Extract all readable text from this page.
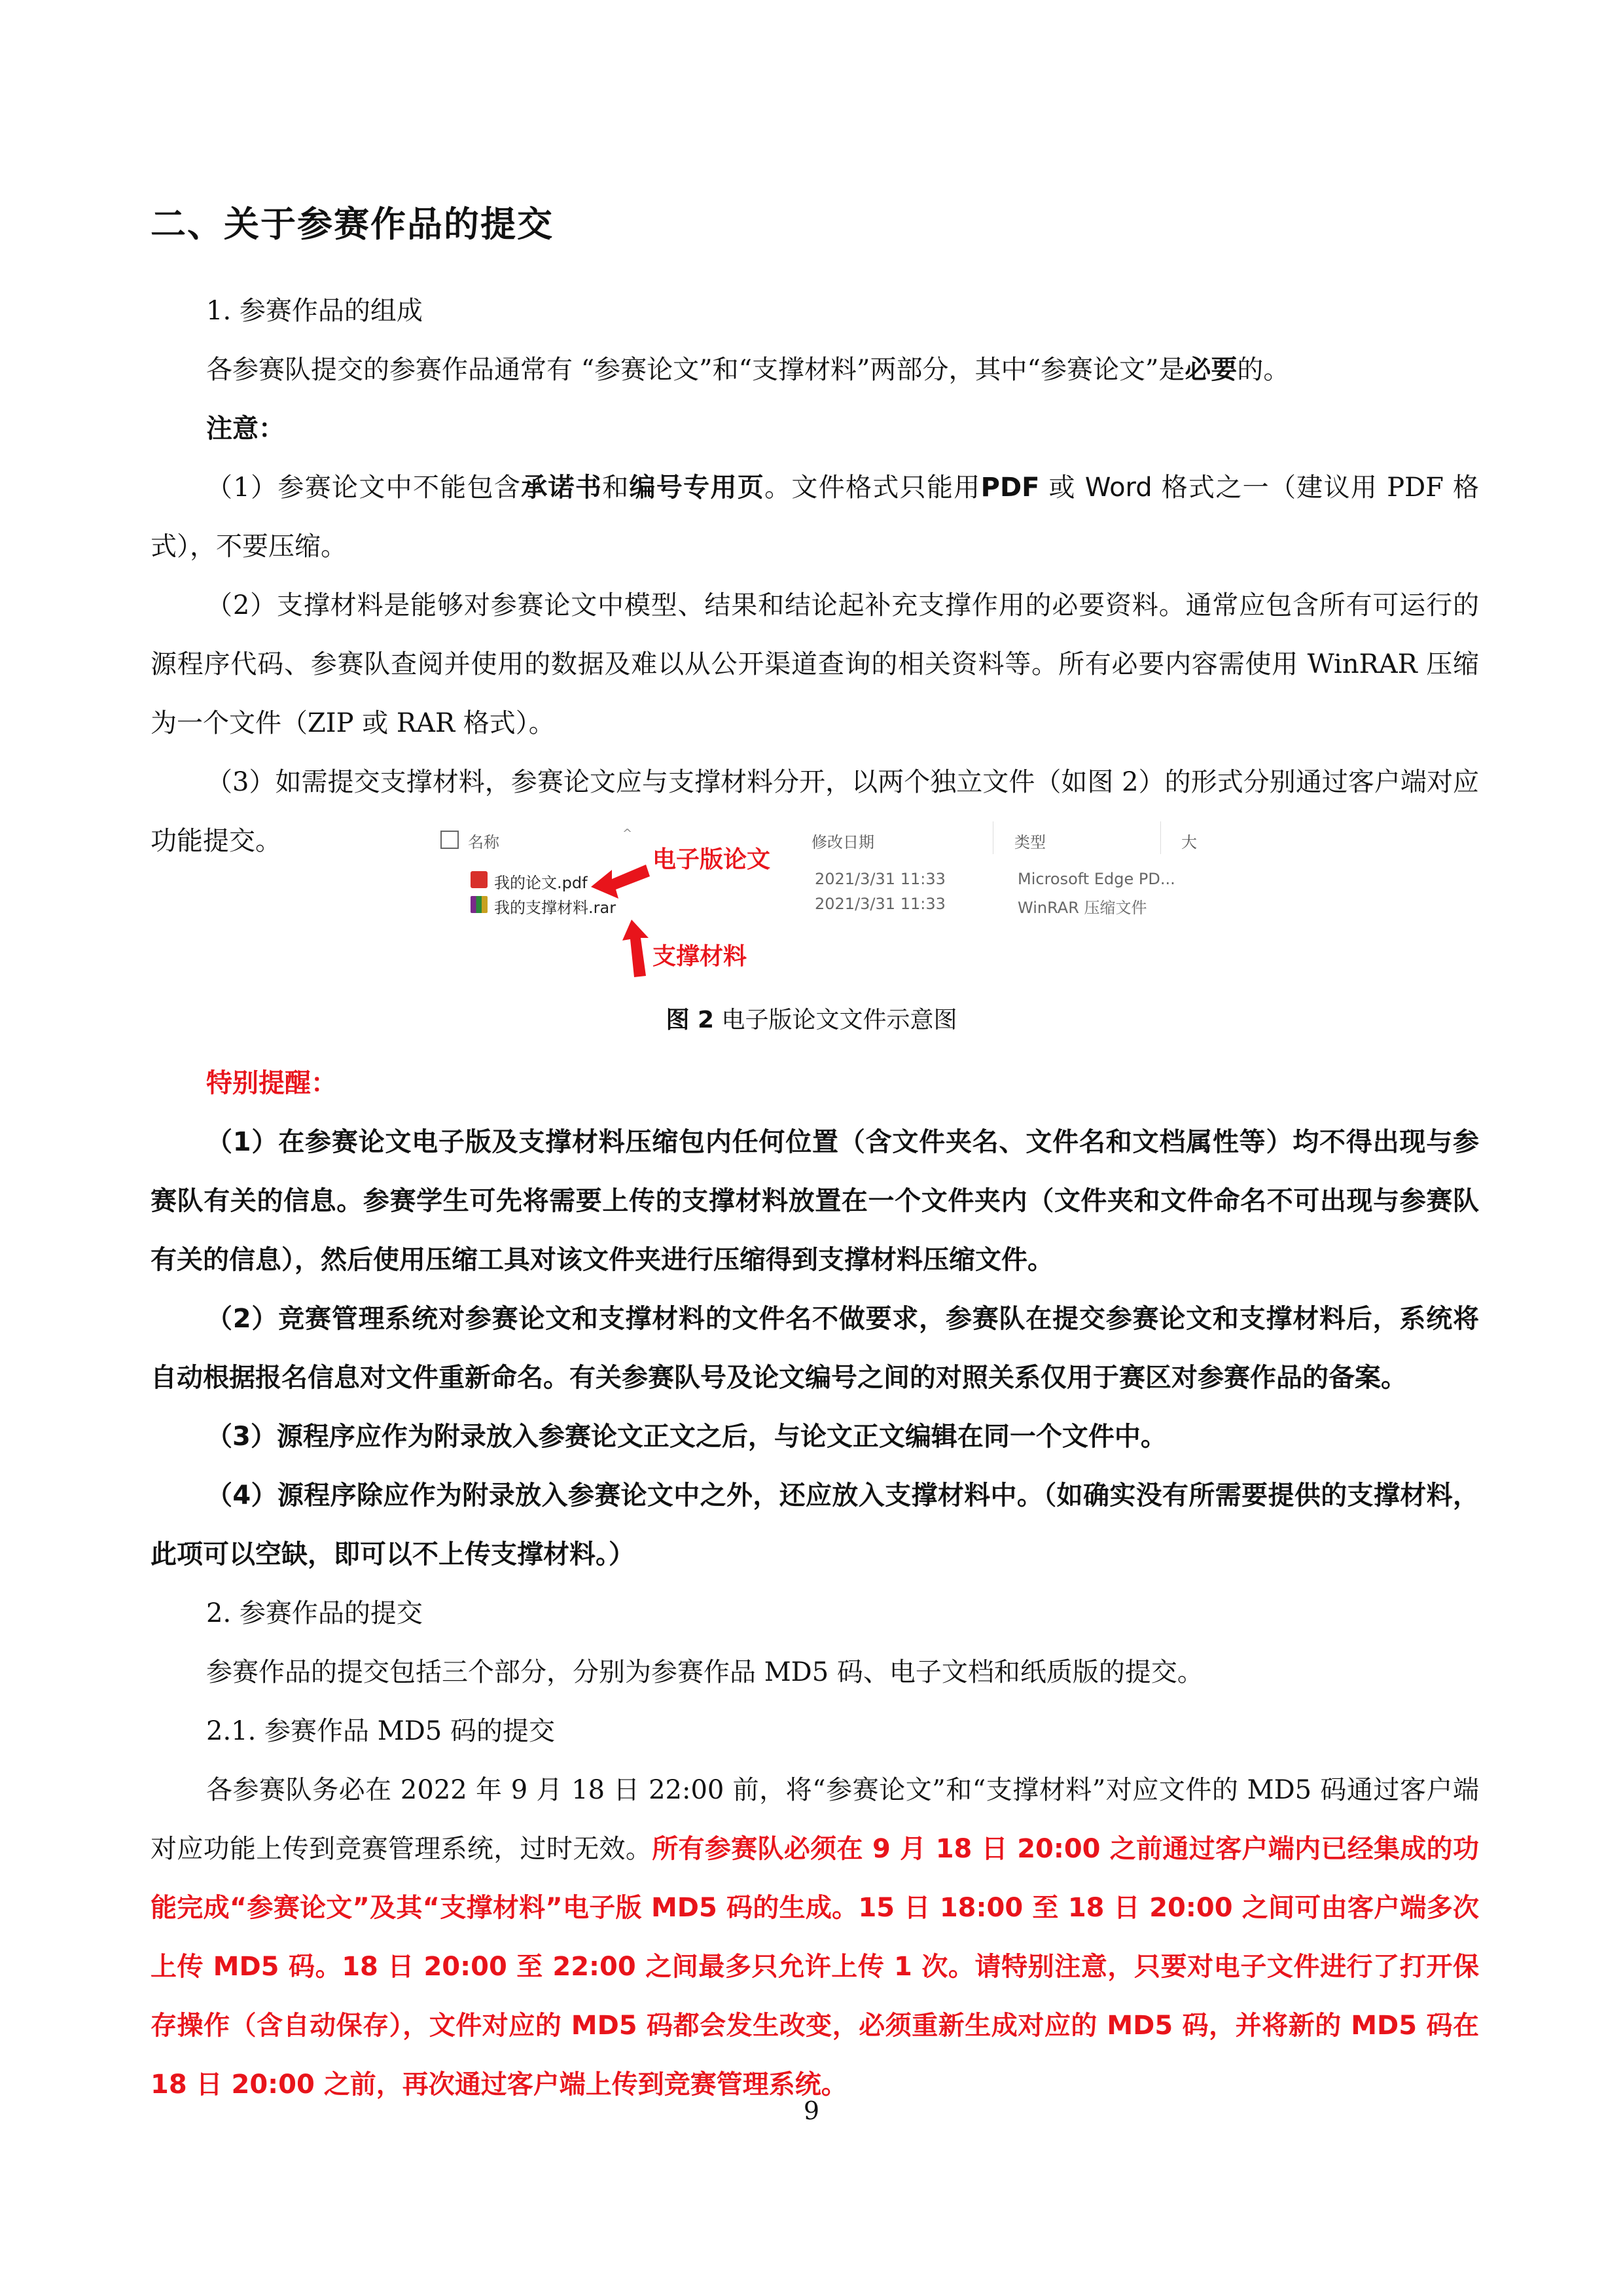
二、关于参赛作品的提交

1. 参赛作品的组成

各参赛队提交的参赛作品通常有 “参赛论文”和“支撑材料”两部分，其中“参赛论文”是必要的。

注意：

（1）参赛论文中不能包含承诺书和编号专用页。文件格式只能用PDF 或 Word 格式之一（建议用 PDF 格式），不要压缩。

（2）支撑材料是能够对参赛论文中模型、结果和结论起补充支撑作用的必要资料。通常应包含所有可运行的源程序代码、参赛队查阅并使用的数据及难以从公开渠道查询的相关资料等。所有必要内容需使用 WinRAR 压缩为一个文件（ZIP 或 RAR 格式）。

（3）如需提交支撑材料，参赛论文应与支撑材料分开，以两个独立文件（如图 2）的形式分别通过客户端对应功能提交。	名称	修改日期	类型	大
^
我的论文.pdf	2021/3/31 11:33	Microsoft Edge PD...
我的支撑材料.rar	2021/3/31 11:33	WinRAR 压缩文件
电子版论文
支撑材料
图 2 电子版论文文件示意图

特别提醒：

（1）在参赛论文电子版及支撑材料压缩包内任何位置（含文件夹名、文件名和文档属性等）均不得出现与参赛队有关的信息。参赛学生可先将需要上传的支撑材料放置在一个文件夹内（文件夹和文件命名不可出现与参赛队有关的信息），然后使用压缩工具对该文件夹进行压缩得到支撑材料压缩文件。

（2）竞赛管理系统对参赛论文和支撑材料的文件名不做要求，参赛队在提交参赛论文和支撑材料后，系统将自动根据报名信息对文件重新命名。有关参赛队号及论文编号之间的对照关系仅用于赛区对参赛作品的备案。

（3）源程序应作为附录放入参赛论文正文之后，与论文正文编辑在同一个文件中。

（4）源程序除应作为附录放入参赛论文中之外，还应放入支撑材料中。（如确实没有所需要提供的支撑材料，此项可以空缺，即可以不上传支撑材料。）

2. 参赛作品的提交

参赛作品的提交包括三个部分，分别为参赛作品 MD5 码、电子文档和纸质版的提交。

2.1. 参赛作品 MD5 码的提交

各参赛队务必在 2022 年 9 月 18 日 22:00 前，将“参赛论文”和“支撑材料”对应文件的 MD5 码通过客户端对应功能上传到竞赛管理系统，过时无效。所有参赛队必须在 9 月 18 日 20:00 之前通过客户端内已经集成的功能完成“参赛论文”及其“支撑材料”电子版 MD5 码的生成。15 日 18:00 至 18 日 20:00 之间可由客户端多次上传 MD5 码。18 日 20:00 至 22:00 之间最多只允许上传 1 次。请特别注意，只要对电子文件进行了打开保存操作（含自动保存），文件对应的 MD5 码都会发生改变，必须重新生成对应的 MD5 码，并将新的 MD5 码在 18 日 20:00 之前，再次通过客户端上传到竞赛管理系统。

9
